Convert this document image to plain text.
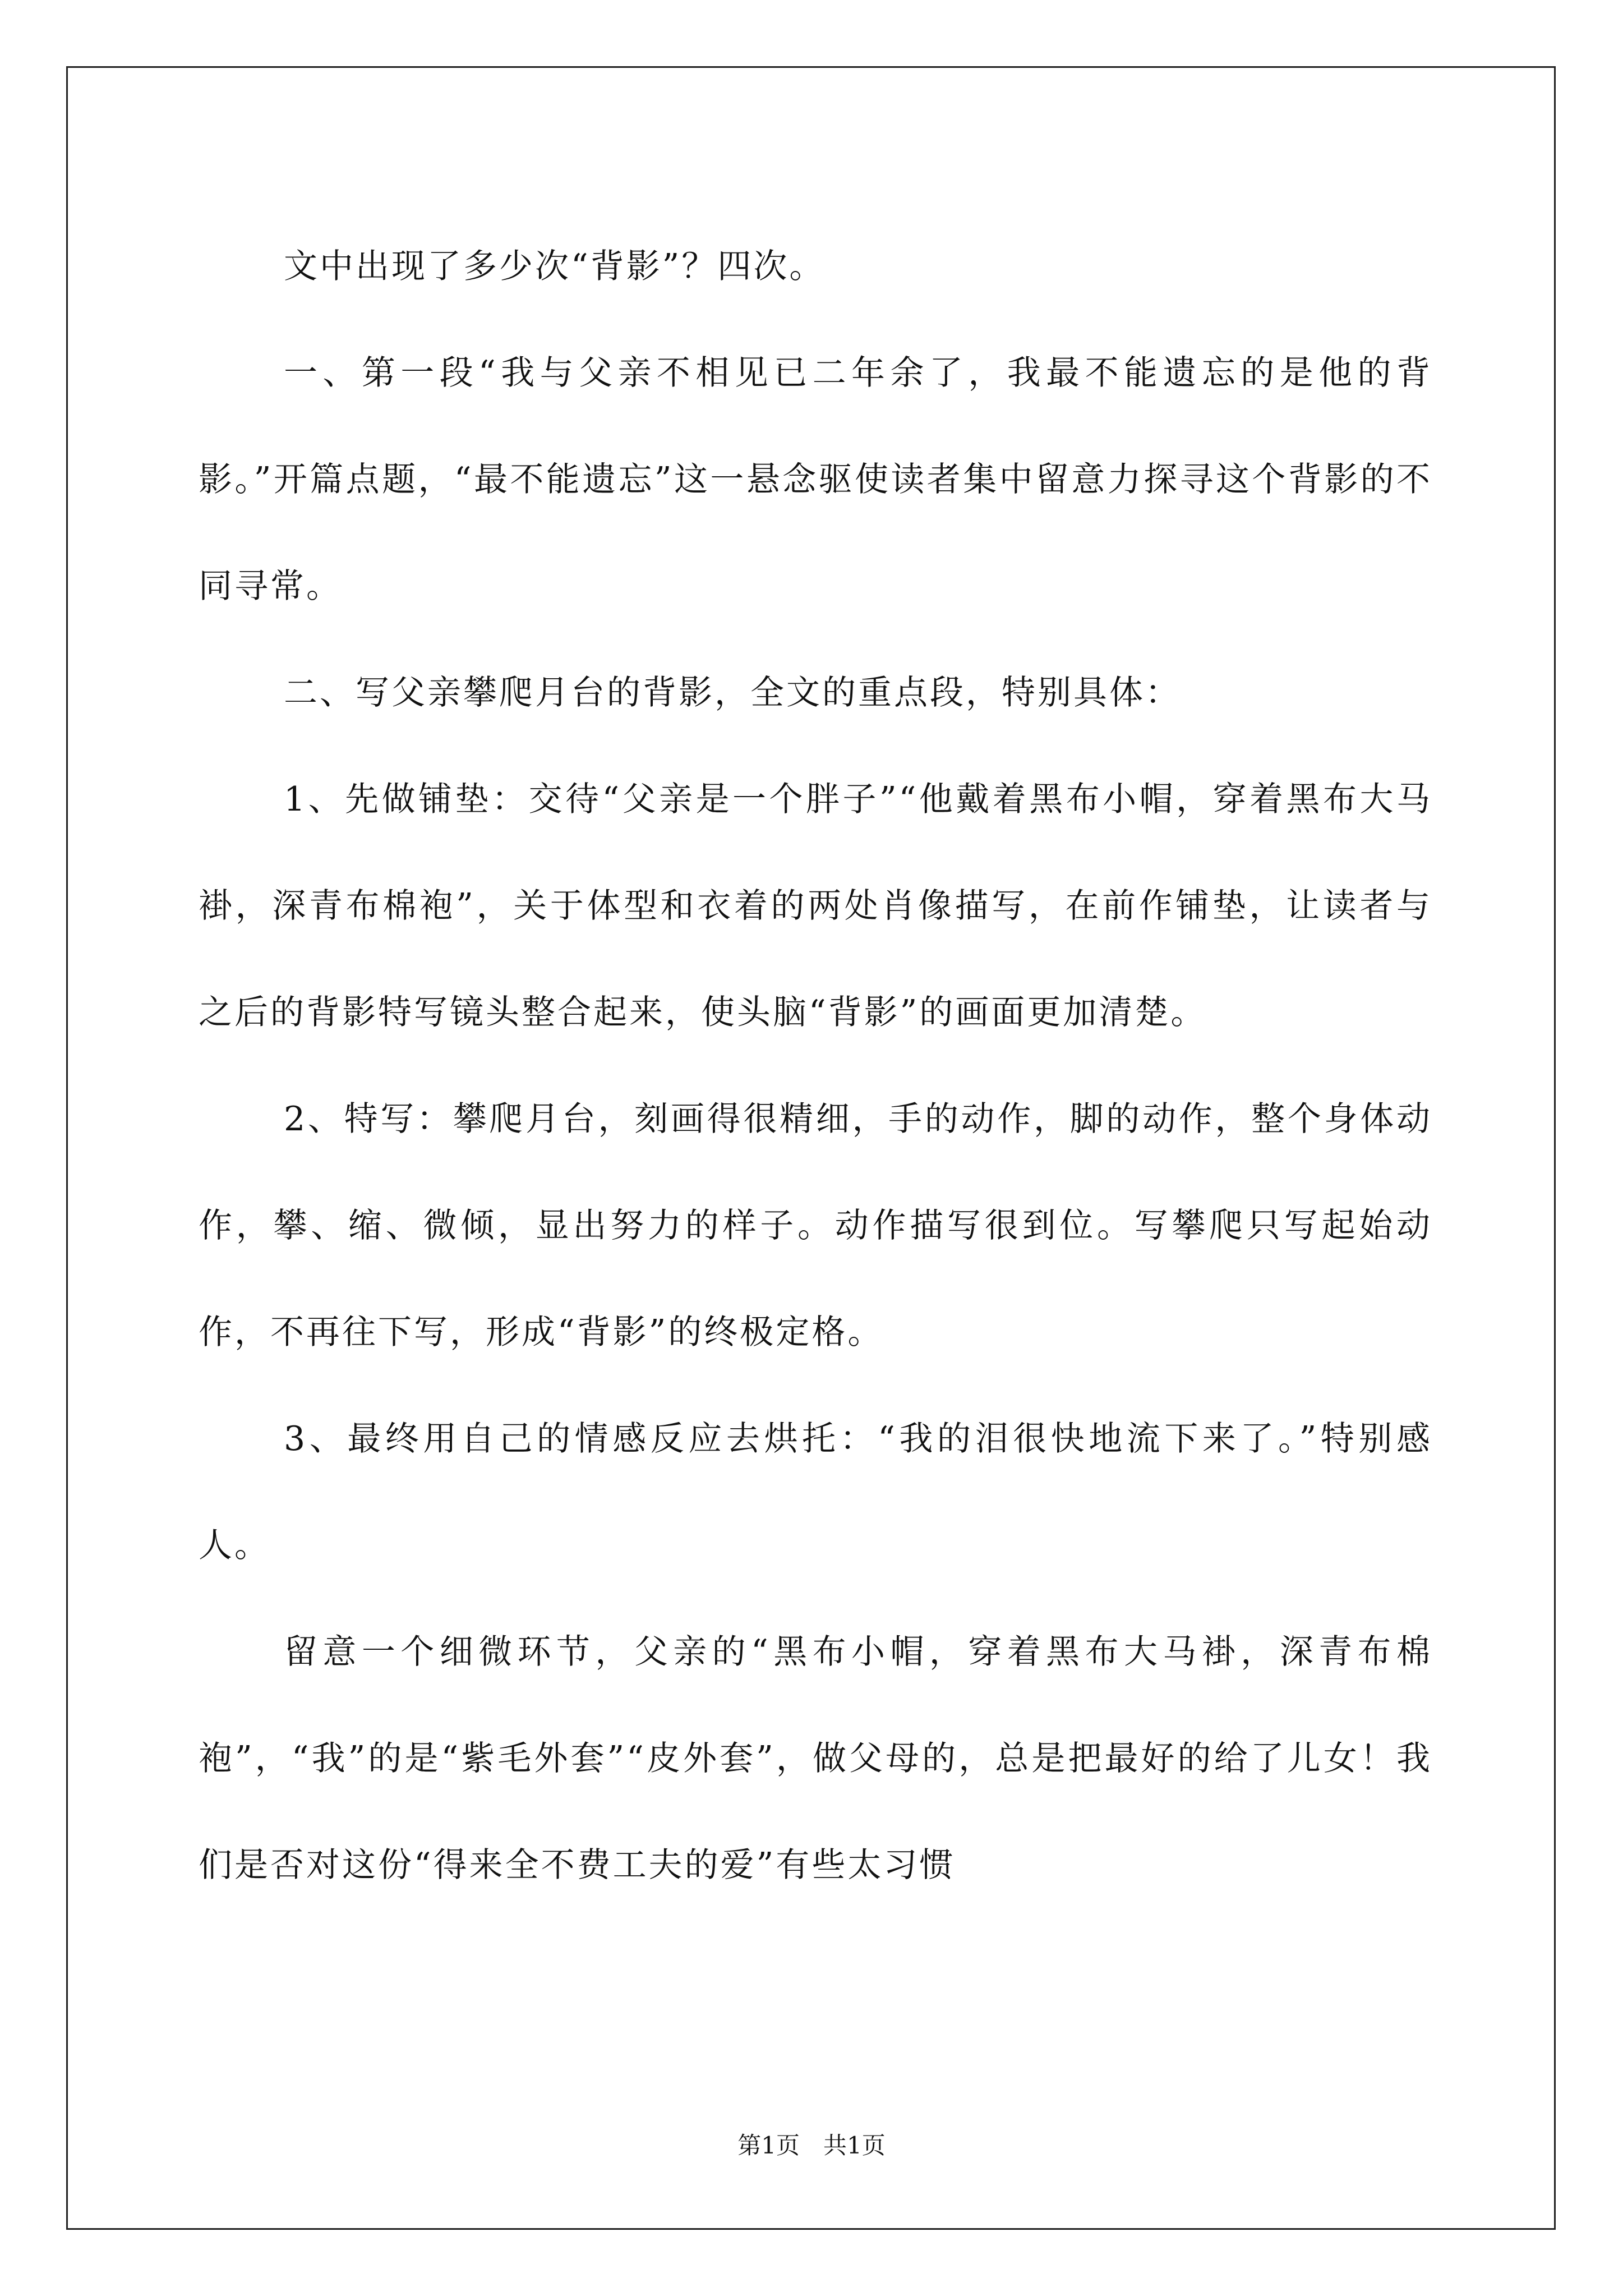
文中出现了多少次“背影”？四次。

一、第一段“我与父亲不相见已二年余了，我最不能遗忘的是他的背影。”开篇点题，“最不能遗忘”这一悬念驱使读者集中留意力探寻这个背影的不同寻常。

二、写父亲攀爬月台的背影，全文的重点段，特别具体：

1、先做铺垫：交待“父亲是一个胖子”“他戴着黑布小帽，穿着黑布大马褂，深青布棉袍”，关于体型和衣着的两处肖像描写，在前作铺垫，让读者与之后的背影特写镜头整合起来，使头脑“背影”的画面更加清楚。

2、特写：攀爬月台，刻画得很精细，手的动作，脚的动作，整个身体动作，攀、缩、微倾，显出努力的样子。动作描写很到位。写攀爬只写起始动作，不再往下写，形成“背影”的终极定格。

3、最终用自己的情感反应去烘托：“我的泪很快地流下来了。”特别感人。

留意一个细微环节，父亲的“黑布小帽，穿着黑布大马褂，深青布棉袍”，“我”的是“紫毛外套”“皮外套”，做父母的，总是把最好的给了儿女！我们是否对这份“得来全不费工夫的爱”有些太习惯

第1页　共1页
